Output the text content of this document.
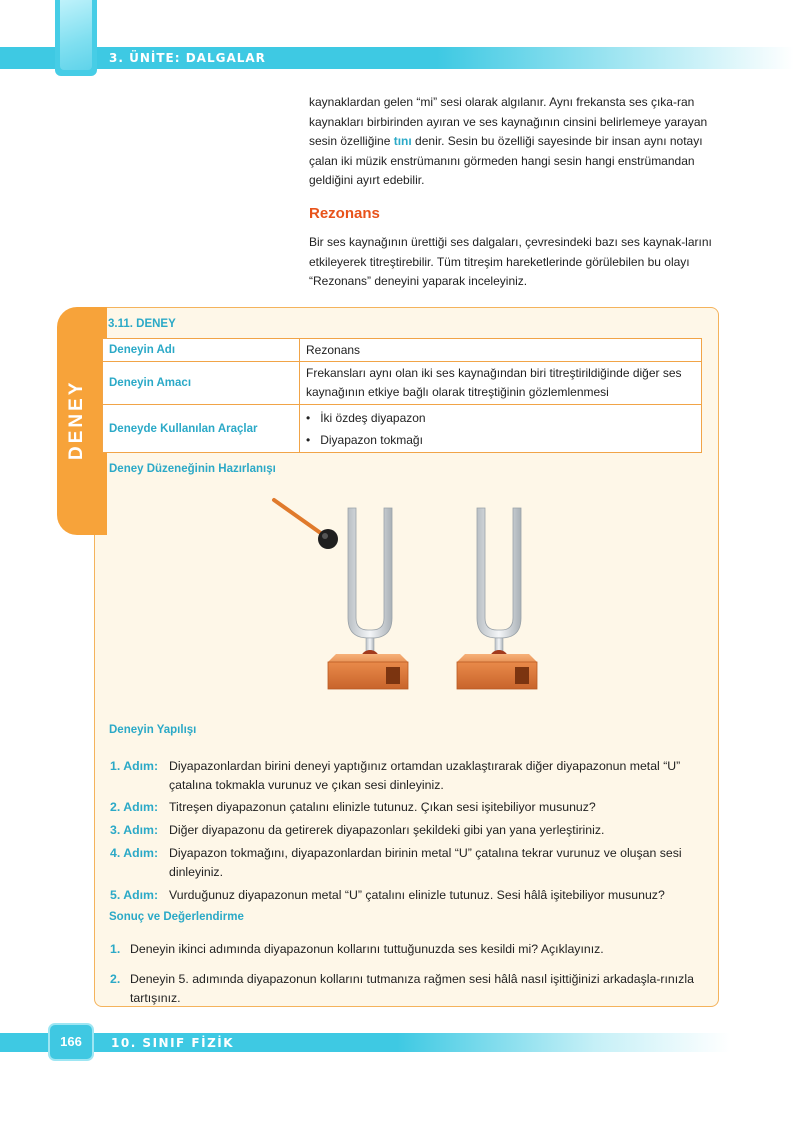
3. ÜNİTE: DALGALAR
kaynaklardan gelen “mi” sesi olarak algılanır. Aynı frekansta ses çıka-ran kaynakları birbirinden ayıran ve ses kaynağının cinsini belirlemeye yarayan sesin özelliğine tını denir. Sesin bu özelliği sayesinde bir insan aynı notayı çalan iki müzik enstrümanını görmeden hangi sesin hangi enstrümandan geldiğini ayırt edebilir.
Rezonans
Bir ses kaynağının ürettiği ses dalgaları, çevresindeki bazı ses kaynak-larını etkileyerek titreştirebilir. Tüm titreşim hareketlerinde görülebilen bu olayı “Rezonans” deneyini yaparak inceleyiniz.
DENEY
3.11. DENEY
Deneyin Adı	Rezonans
Deneyin Amacı	Frekansları aynı olan iki ses kaynağından biri titreştirildiğinde diğer ses kaynağının etkiye bağlı olarak titreştiğinin gözlemlenmesi
Deneyde Kullanılan Araçlar	• İki özdeş diyapazon
• Diyapazon tokmağı
Deney Düzeneğinin Hazırlanışı
Deneyin Yapılışı
1. Adım: Diyapazonlardan birini deneyi yaptığınız ortamdan uzaklaştırarak diğer diyapazonun metal “U” çatalına tokmakla vurunuz ve çıkan sesi dinleyiniz.
2. Adım: Titreşen diyapazonun çatalını elinizle tutunuz. Çıkan sesi işitebiliyor musunuz?
3. Adım: Diğer diyapazonu da getirerek diyapazonları şekildeki gibi yan yana yerleştiriniz.
4. Adım: Diyapazon tokmağını, diyapazonlardan birinin metal “U” çatalına tekrar vurunuz ve oluşan sesi dinleyiniz.
5. Adım: Vurduğunuz diyapazonun metal “U” çatalını elinizle tutunuz. Sesi hâlâ işitebiliyor musunuz?
Sonuç ve Değerlendirme
1. Deneyin ikinci adımında diyapazonun kollarını tuttuğunuzda ses kesildi mi? Açıklayınız.
2. Deneyin 5. adımında diyapazonun kollarını tutmanıza rağmen sesi hâlâ nasıl işittiğinizi arkadaşla-rınızla tartışınız.
166	10. SINIF FİZİK
